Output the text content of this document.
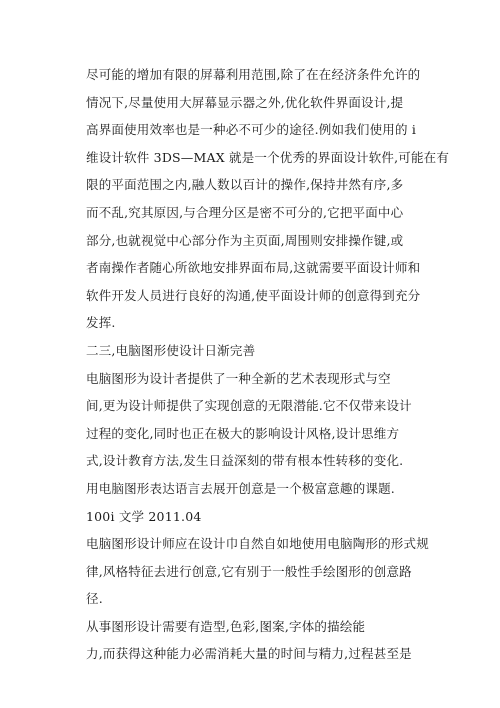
尽可能的增加有限的屏幕利用范围,除了在在经济条件允许的
情况下,尽量使用大屏幕显示器之外,优化软件界面设计,提
高界面使用效率也是一种必不可少的途径.例如我们使用的 i
维设计软件 3DS—MAX 就是一个优秀的界面设计软件,可能在有
限的平面范围之内,融人数以百计的操作,保持井然有序,多
而不乱,究其原因,与合理分区是密不可分的,它把平面中心
部分,也就视觉中心部分作为主页面,周围则安排操作键,或
者南操作者随心所欲地安排界面布局,这就需要平面设计师和
软件开发人员进行良好的沟通,使平面设计师的创意得到充分
发挥.
二三,电脑图形使设计日渐完善
电脑图形为设计者提供了一种全新的艺术表现形式与空
间,更为设计师提供了实现创意的无限潜能.它不仅带来设计
过程的变化,同时也正在极大的影响设计风格,设计思维方
式,设计教育方法,发生日益深刻的带有根本性转移的变化.
用电脑图形表达语言去展开创意是一个极富意趣的课题.
100i 文学 2011.04
电脑图形设计师应在设计巾自然自如地使用电脑陶形的形式规
律,风格特征去进行创意,它有别于一般性手绘图形的创意路
径.
从事图形设计需要有造型,色彩,图案,字体的描绘能
力,而获得这种能力必需消耗大量的时间与精力,过程甚至是
